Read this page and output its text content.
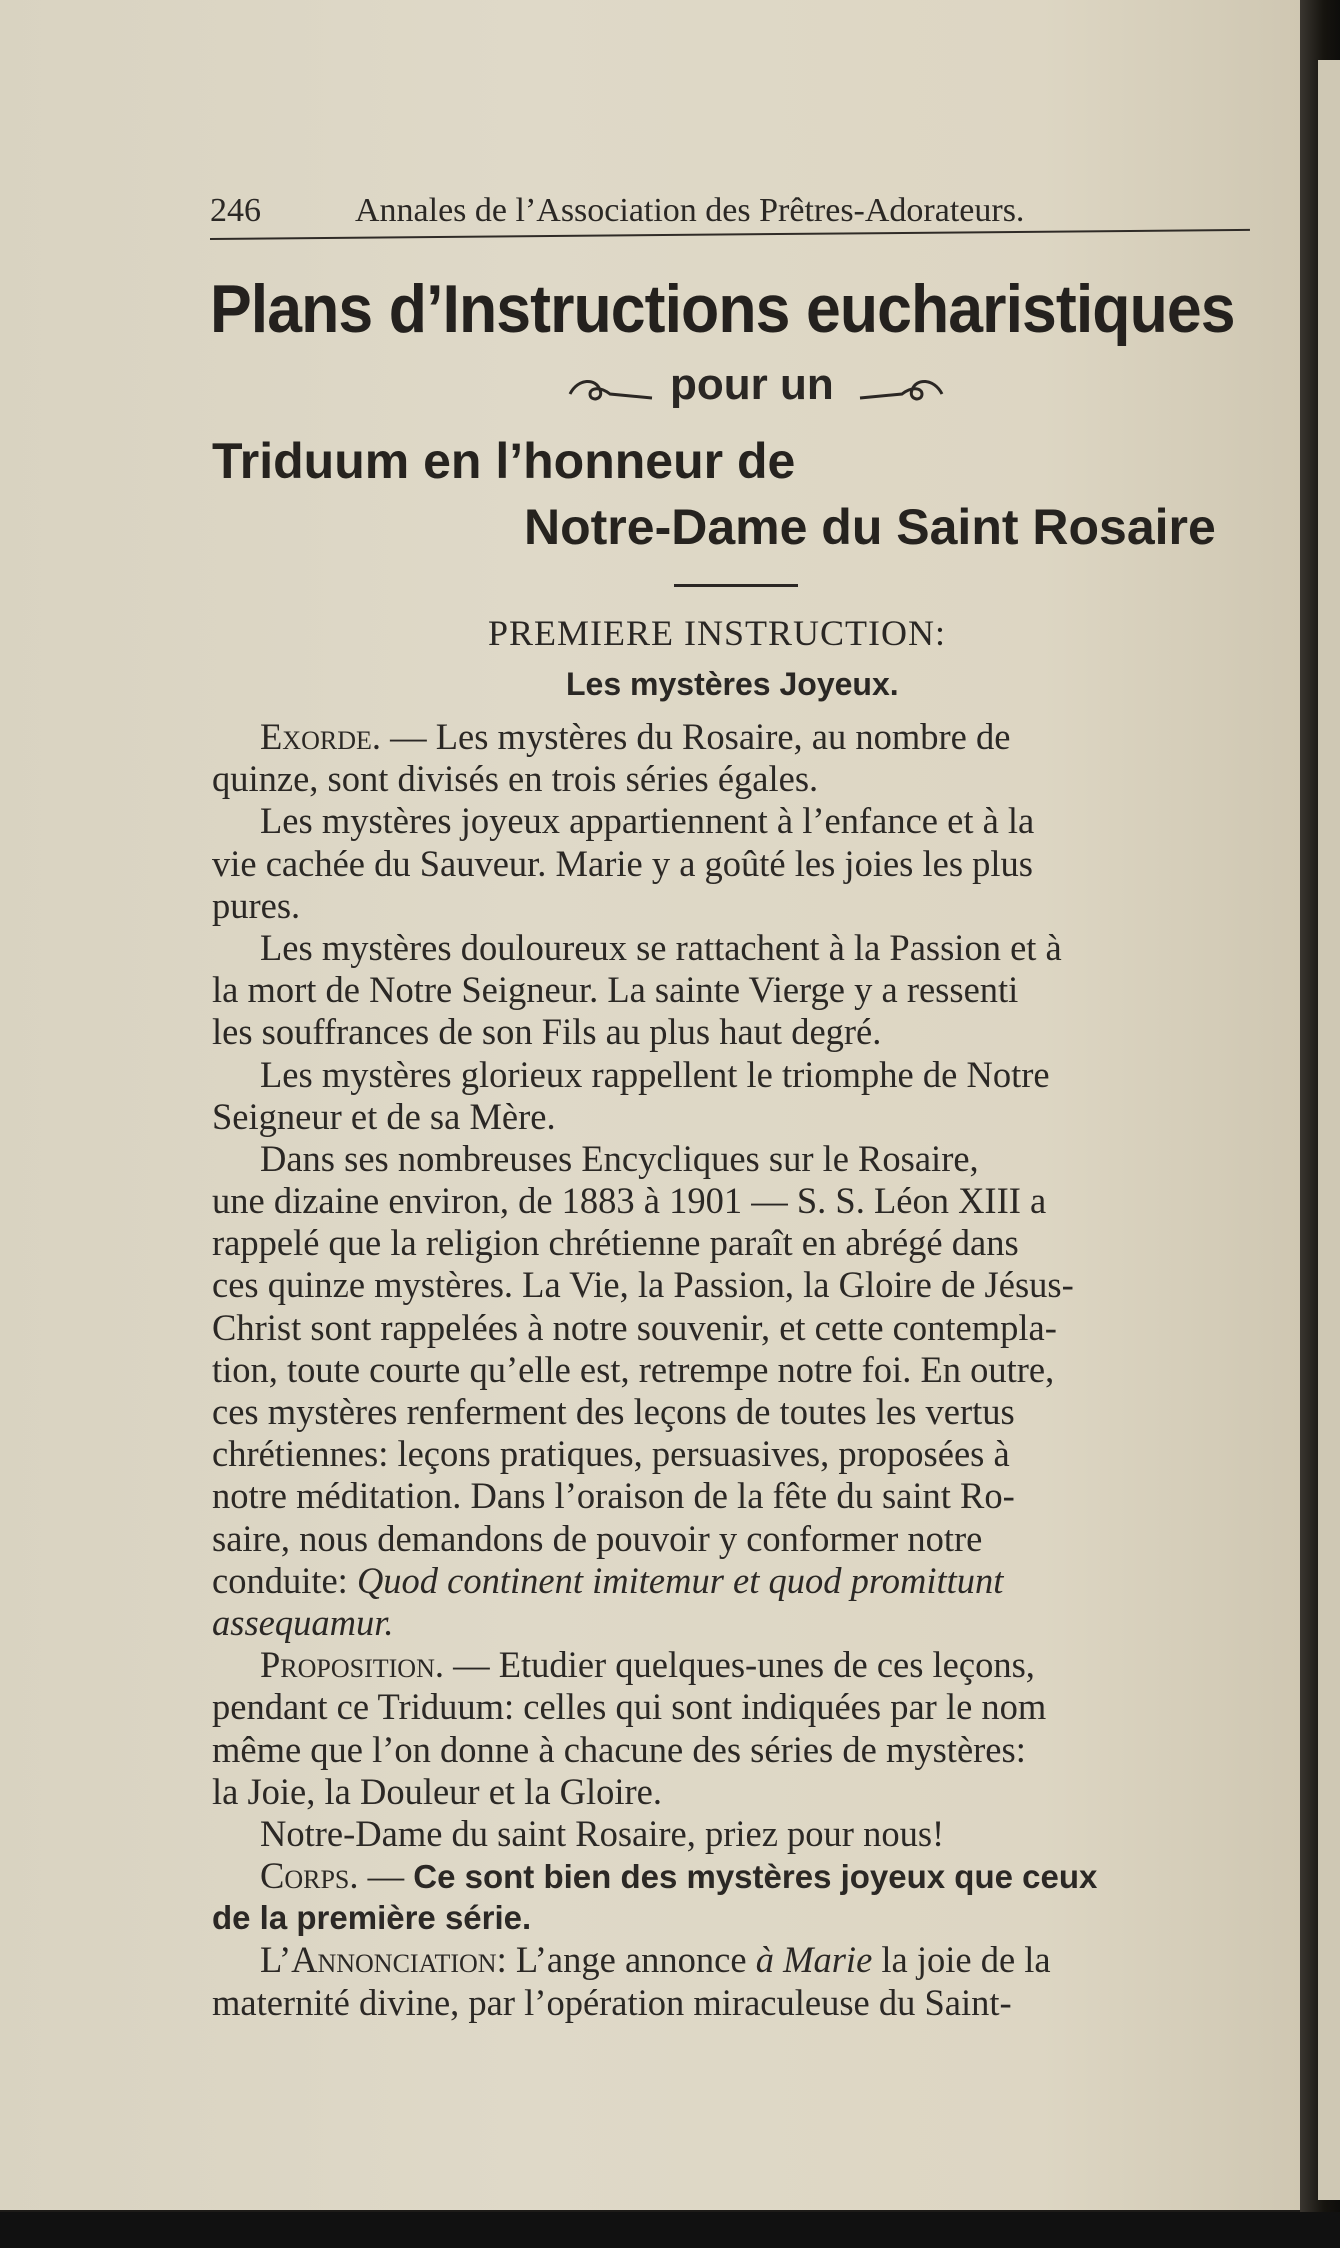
246	Annales de l’Association des Prêtres-Adorateurs.
Plans d’Instructions eucharistiques
pour un
Triduum en l’honneur de
Notre-Dame du Saint Rosaire
PREMIERE INSTRUCTION:
Les mystères Joyeux.
Exorde. — Les mystères du Rosaire, au nombre de
quinze, sont divisés en trois séries égales.
Les mystères joyeux appartiennent à l’enfance et à la
vie cachée du Sauveur. Marie y a goûté les joies les plus
pures.
Les mystères douloureux se rattachent à la Passion et à
la mort de Notre Seigneur. La sainte Vierge y a ressenti
les souffrances de son Fils au plus haut degré.
Les mystères glorieux rappellent le triomphe de Notre
Seigneur et de sa Mère.
Dans ses nombreuses Encycliques sur le Rosaire,
une dizaine environ, de 1883 à 1901 — S. S. Léon XIII a
rappelé que la religion chrétienne paraît en abrégé dans
ces quinze mystères. La Vie, la Passion, la Gloire de Jésus-
Christ sont rappelées à notre souvenir, et cette contempla-
tion, toute courte qu’elle est, retrempe notre foi. En outre,
ces mystères renferment des leçons de toutes les vertus
chrétiennes: leçons pratiques, persuasives, proposées à
notre méditation. Dans l’oraison de la fête du saint Ro-
saire, nous demandons de pouvoir y conformer notre
conduite: Quod continent imitemur et quod promittunt
assequamur.
Proposition. — Etudier quelques-unes de ces leçons,
pendant ce Triduum: celles qui sont indiquées par le nom
même que l’on donne à chacune des séries de mystères:
la Joie, la Douleur et la Gloire.
Notre-Dame du saint Rosaire, priez pour nous!
Corps. — Ce sont bien des mystères joyeux que ceux
de la première série.
L’Annonciation: L’ange annonce à Marie la joie de la
maternité divine, par l’opération miraculeuse du Saint-
